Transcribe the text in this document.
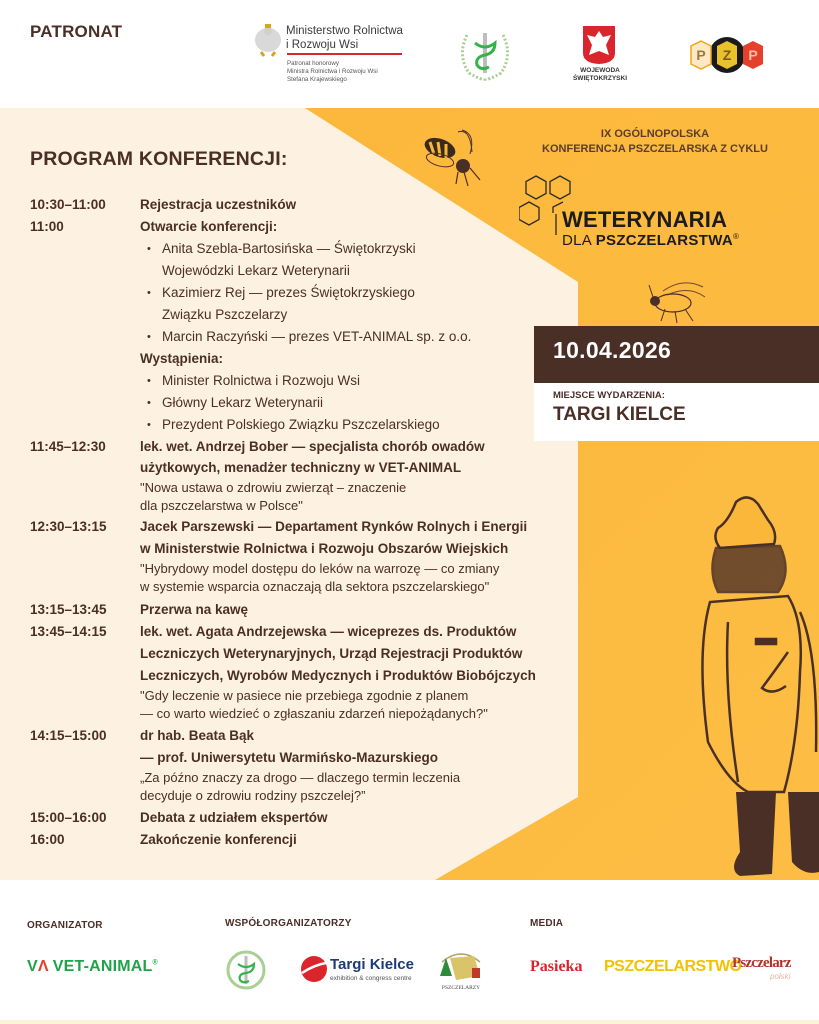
PATRONAT	Ministerstwo Rolnictwa
i Rozwoju Wsi
Patronat honorowy
Ministra Rolnictwa i Rozwoju Wsi
Stefana Krajewskiego
WOJEWODA
ŚWIĘTOKRZYSKI
P Z P
PROGRAM KONFERENCJI:
10:30–11:00	Rejestracja uczestników
11:00	Otwarcie konferencji:
• Anita Szebla-Bartosińska — Świętokrzyski
Wojewódzki Lekarz Weterynarii
• Kazimierz Rej — prezes Świętokrzyskiego
Związku Pszczelarzy
• Marcin Raczyński — prezes VET-ANIMAL sp. z o.o.
Wystąpienia:
• Minister Rolnictwa i Rozwoju Wsi
• Główny Lekarz Weterynarii
• Prezydent Polskiego Związku Pszczelarskiego
11:45–12:30	lek. wet. Andrzej Bober — specjalista chorób owadów
użytkowych, menadżer techniczny w VET-ANIMAL
"Nowa ustawa o zdrowiu zwierząt – znaczenie
dla pszczelarstwa w Polsce"
12:30–13:15	Jacek Parszewski — Departament Rynków Rolnych i Energii
w Ministerstwie Rolnictwa i Rozwoju Obszarów Wiejskich
"Hybrydowy model dostępu do leków na warrozę — co zmiany
w systemie wsparcia oznaczają dla sektora pszczelarskiego"
13:15–13:45	Przerwa na kawę
13:45–14:15	lek. wet. Agata Andrzejewska — wiceprezes ds. Produktów
Leczniczych Weterynaryjnych, Urząd Rejestracji Produktów
Leczniczych, Wyrobów Medycznych i Produktów Biobójczych
"Gdy leczenie w pasiece nie przebiega zgodnie z planem
— co warto wiedzieć o zgłaszaniu zdarzeń niepożądanych?"
14:15–15:00	dr hab. Beata Bąk
— prof. Uniwersytetu Warmińsko-Mazurskiego
„Za późno znaczy za drogo — dlaczego termin leczenia
decyduje o zdrowiu rodziny pszczelej?”
15:00–16:00	Debata z udziałem ekspertów
16:00	Zakończenie konferencji
IX OGÓLNOPOLSKA
KONFERENCJA PSZCZELARSKA Z CYKLU
WETERYNARIA
DLA PSZCZELARSTWA®
10.04.2026
MIEJSCE WYDARZENIA:
TARGI KIELCE
ORGANIZATOR
VΛ VET-ANIMAL®
WSPÓŁORGANIZATORZY
Targi Kielce
exhibition & congress centre
PSZCZELARZY
MEDIA
Pasieka PSZCZELARSTWO
Pszczelarz
polski
